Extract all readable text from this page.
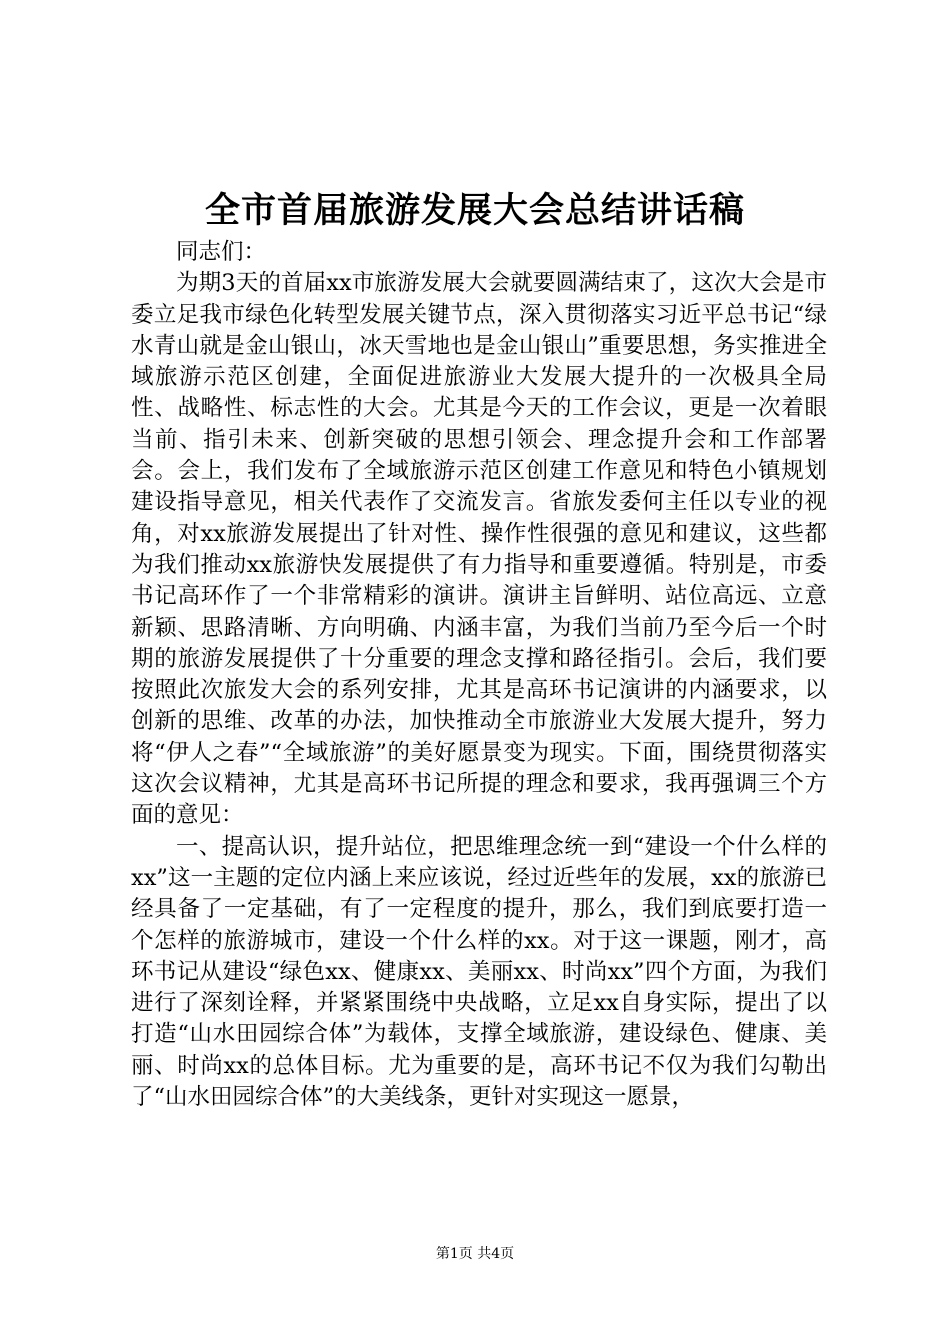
全市首届旅游发展大会总结讲话稿

同志们：

为期3天的首届xx市旅游发展大会就要圆满结束了，这次大会是市委立足我市绿色化转型发展关键节点，深入贯彻落实习近平总书记“绿水青山就是金山银山，冰天雪地也是金山银山”重要思想，务实推进全域旅游示范区创建，全面促进旅游业大发展大提升的一次极具全局性、战略性、标志性的大会。尤其是今天的工作会议，更是一次着眼当前、指引未来、创新突破的思想引领会、理念提升会和工作部署会。会上，我们发布了全域旅游示范区创建工作意见和特色小镇规划建设指导意见，相关代表作了交流发言。省旅发委何主任以专业的视角，对xx旅游发展提出了针对性、操作性很强的意见和建议，这些都为我们推动xx旅游快发展提供了有力指导和重要遵循。特别是，市委书记高环作了一个非常精彩的演讲。演讲主旨鲜明、站位高远、立意新颖、思路清晰、方向明确、内涵丰富，为我们当前乃至今后一个时期的旅游发展提供了十分重要的理念支撑和路径指引。会后，我们要按照此次旅发大会的系列安排，尤其是高环书记演讲的内涵要求，以创新的思维、改革的办法，加快推动全市旅游业大发展大提升，努力将“伊人之春”“全域旅游”的美好愿景变为现实。下面，围绕贯彻落实这次会议精神，尤其是高环书记所提的理念和要求，我再强调三个方面的意见：

一、提高认识，提升站位，把思维理念统一到“建设一个什么样的xx”这一主题的定位内涵上来应该说，经过近些年的发展，xx的旅游已经具备了一定基础，有了一定程度的提升，那么，我们到底要打造一个怎样的旅游城市，建设一个什么样的xx。对于这一课题，刚才，高环书记从建设“绿色xx、健康xx、美丽xx、时尚xx”四个方面，为我们进行了深刻诠释，并紧紧围绕中央战略，立足xx自身实际，提出了以打造“山水田园综合体”为载体，支撑全域旅游，建设绿色、健康、美丽、时尚xx的总体目标。尤为重要的是，高环书记不仅为我们勾勒出了“山水田园综合体”的大美线条，更针对实现这一愿景，

第1页 共4页
